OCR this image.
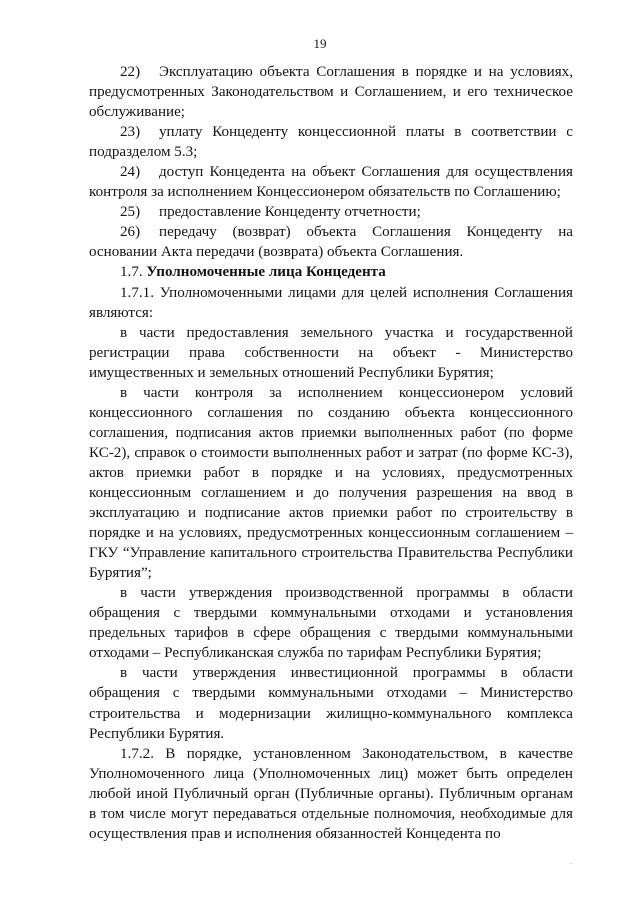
19

22) Эксплуатацию объекта Соглашения в порядке и на условиях, предусмотренных Законодательством и Соглашением, и его техническое обслуживание;

23) уплату Концеденту концессионной платы в соответствии с подразделом 5.3;

24) доступ Концедента на объект Соглашения для осуществления контроля за исполнением Концессионером обязательств по Соглашению;

25) предоставление Концеденту отчетности;

26) передачу (возврат) объекта Соглашения Концеденту на основании Акта передачи (возврата) объекта Соглашения.

1.7. Уполномоченные лица Концедента

1.7.1. Уполномоченными лицами для целей исполнения Соглашения являются:

в части предоставления земельного участка и государственной регистрации права собственности на объект - Министерство имущественных и земельных отношений Республики Бурятия;

в части контроля за исполнением концессионером условий концессионного соглашения по созданию объекта концессионного соглашения, подписания актов приемки выполненных работ (по форме КС-2), справок о стоимости выполненных работ и затрат (по форме КС-3), актов приемки работ в порядке и на условиях, предусмотренных концессионным соглашением и до получения разрешения на ввод в эксплуатацию и подписание актов приемки работ по строительству в порядке и на условиях, предусмотренных концессионным соглашением – ГКУ “Управление капитального строительства Правительства Республики Бурятия”;

в части утверждения производственной программы в области обращения с твердыми коммунальными отходами и установления предельных тарифов в сфере обращения с твердыми коммунальными отходами – Республиканская служба по тарифам Республики Бурятия;

в части утверждения инвестиционной программы в области обращения с твердыми коммунальными отходами – Министерство строительства и модернизации жилищно-коммунального комплекса Республики Бурятия.

1.7.2. В порядке, установленном Законодательством, в качестве Уполномоченного лица (Уполномоченных лиц) может быть определен любой иной Публичный орган (Публичные органы). Публичным органам в том числе могут передаваться отдельные полномочия, необходимые для осуществления прав и исполнения обязанностей Концедента по

.
